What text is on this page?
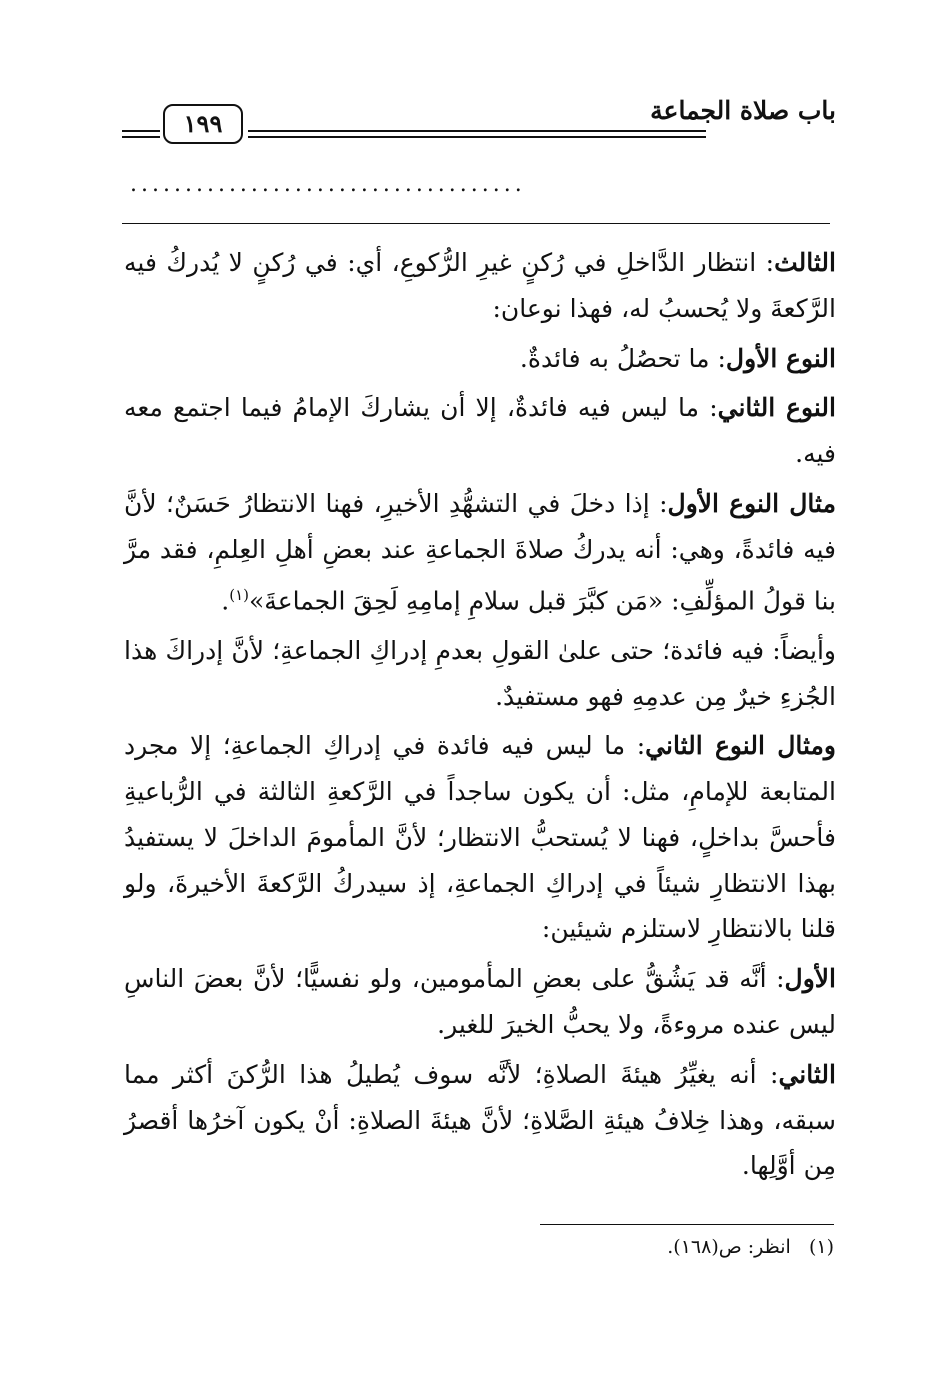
باب صلاة الجماعة
١٩٩
....................................

الثالث: انتظار الدَّاخلِ في رُكنٍ غيرِ الرُّكوعِ، أي: في رُكنٍ لا يُدركُ فيه الرَّكعةَ ولا يُحسبُ له، فهذا نوعان:

النوع الأول: ما تحصُلُ به فائدةٌ.

النوع الثاني: ما ليس فيه فائدةٌ، إلا أن يشاركَ الإمامُ فيما اجتمع معه فيه.

مثال النوع الأول: إذا دخلَ في التشهُّدِ الأخيرِ، فهنا الانتظارُ حَسَنٌ؛ لأنَّ فيه فائدةً، وهي: أنه يدركُ صلاةَ الجماعةِ عند بعضِ أهلِ العِلمِ، فقد مرَّ بنا قولُ المؤلِّفِ: «مَن كبَّرَ قبل سلامِ إمامِهِ لَحِقَ الجماعةَ»$^{(١)}$.

وأيضاً: فيه فائدة؛ حتى علىٰ القولِ بعدمِ إدراكِ الجماعةِ؛ لأنَّ إدراكَ هذا الجُزءِ خيرٌ مِن عدمِهِ فهو مستفيدٌ.

ومثال النوع الثاني: ما ليس فيه فائدة في إدراكِ الجماعةِ؛ إلا مجرد المتابعة للإمامِ، مثل: أن يكون ساجداً في الرَّكعةِ الثالثة في الرُّباعيةِ فأحسَّ بداخلٍ، فهنا لا يُستحبُّ الانتظار؛ لأنَّ المأمومَ الداخلَ لا يستفيدُ بهذا الانتظارِ شيئاً في إدراكِ الجماعةِ، إذ سيدركُ الرَّكعةَ الأخيرةَ، ولو قلنا بالانتظارِ لاستلزم شيئين:

الأول: أنَّه قد يَشُقُّ على بعضِ المأمومين، ولو نفسيًّا؛ لأنَّ بعضَ الناسِ ليس عنده مروءةً، ولا يحبُّ الخيرَ للغير.

الثاني: أنه يغيِّرُ هيئةَ الصلاةِ؛ لأنَّه سوف يُطيلُ هذا الرُّكنَ أكثر مما سبقه، وهذا خِلافُ هيئةِ الصَّلاةِ؛ لأنَّ هيئةَ الصلاةِ: أنْ يكون آخرُها أقصرُ مِن أوَّلِها.

(١)   انظر: ص(١٦٨).
